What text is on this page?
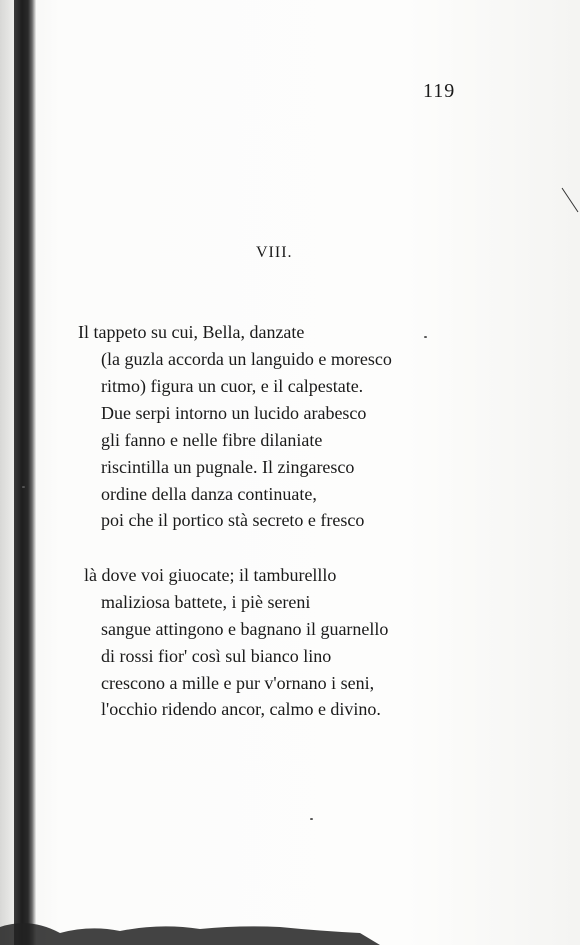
119
VIII.
Il tappeto su cui, Bella, danzate
(la guzla accorda un languido e moresco
ritmo) figura un cuor, e il calpestate.
Due serpi intorno un lucido arabesco
gli fanno e nelle fibre dilaniate
riscintilla un pugnale. Il zingaresco
ordine della danza continuate,
poi che il portico stà secreto e fresco
là dove voi giuocate; il tamburelllo
maliziosa battete, i piè sereni
sangue attingono e bagnano il guarnello
di rossi fior' così sul bianco lino
crescono a mille e pur v'ornano i seni,
l'occhio ridendo ancor, calmo e divino.
